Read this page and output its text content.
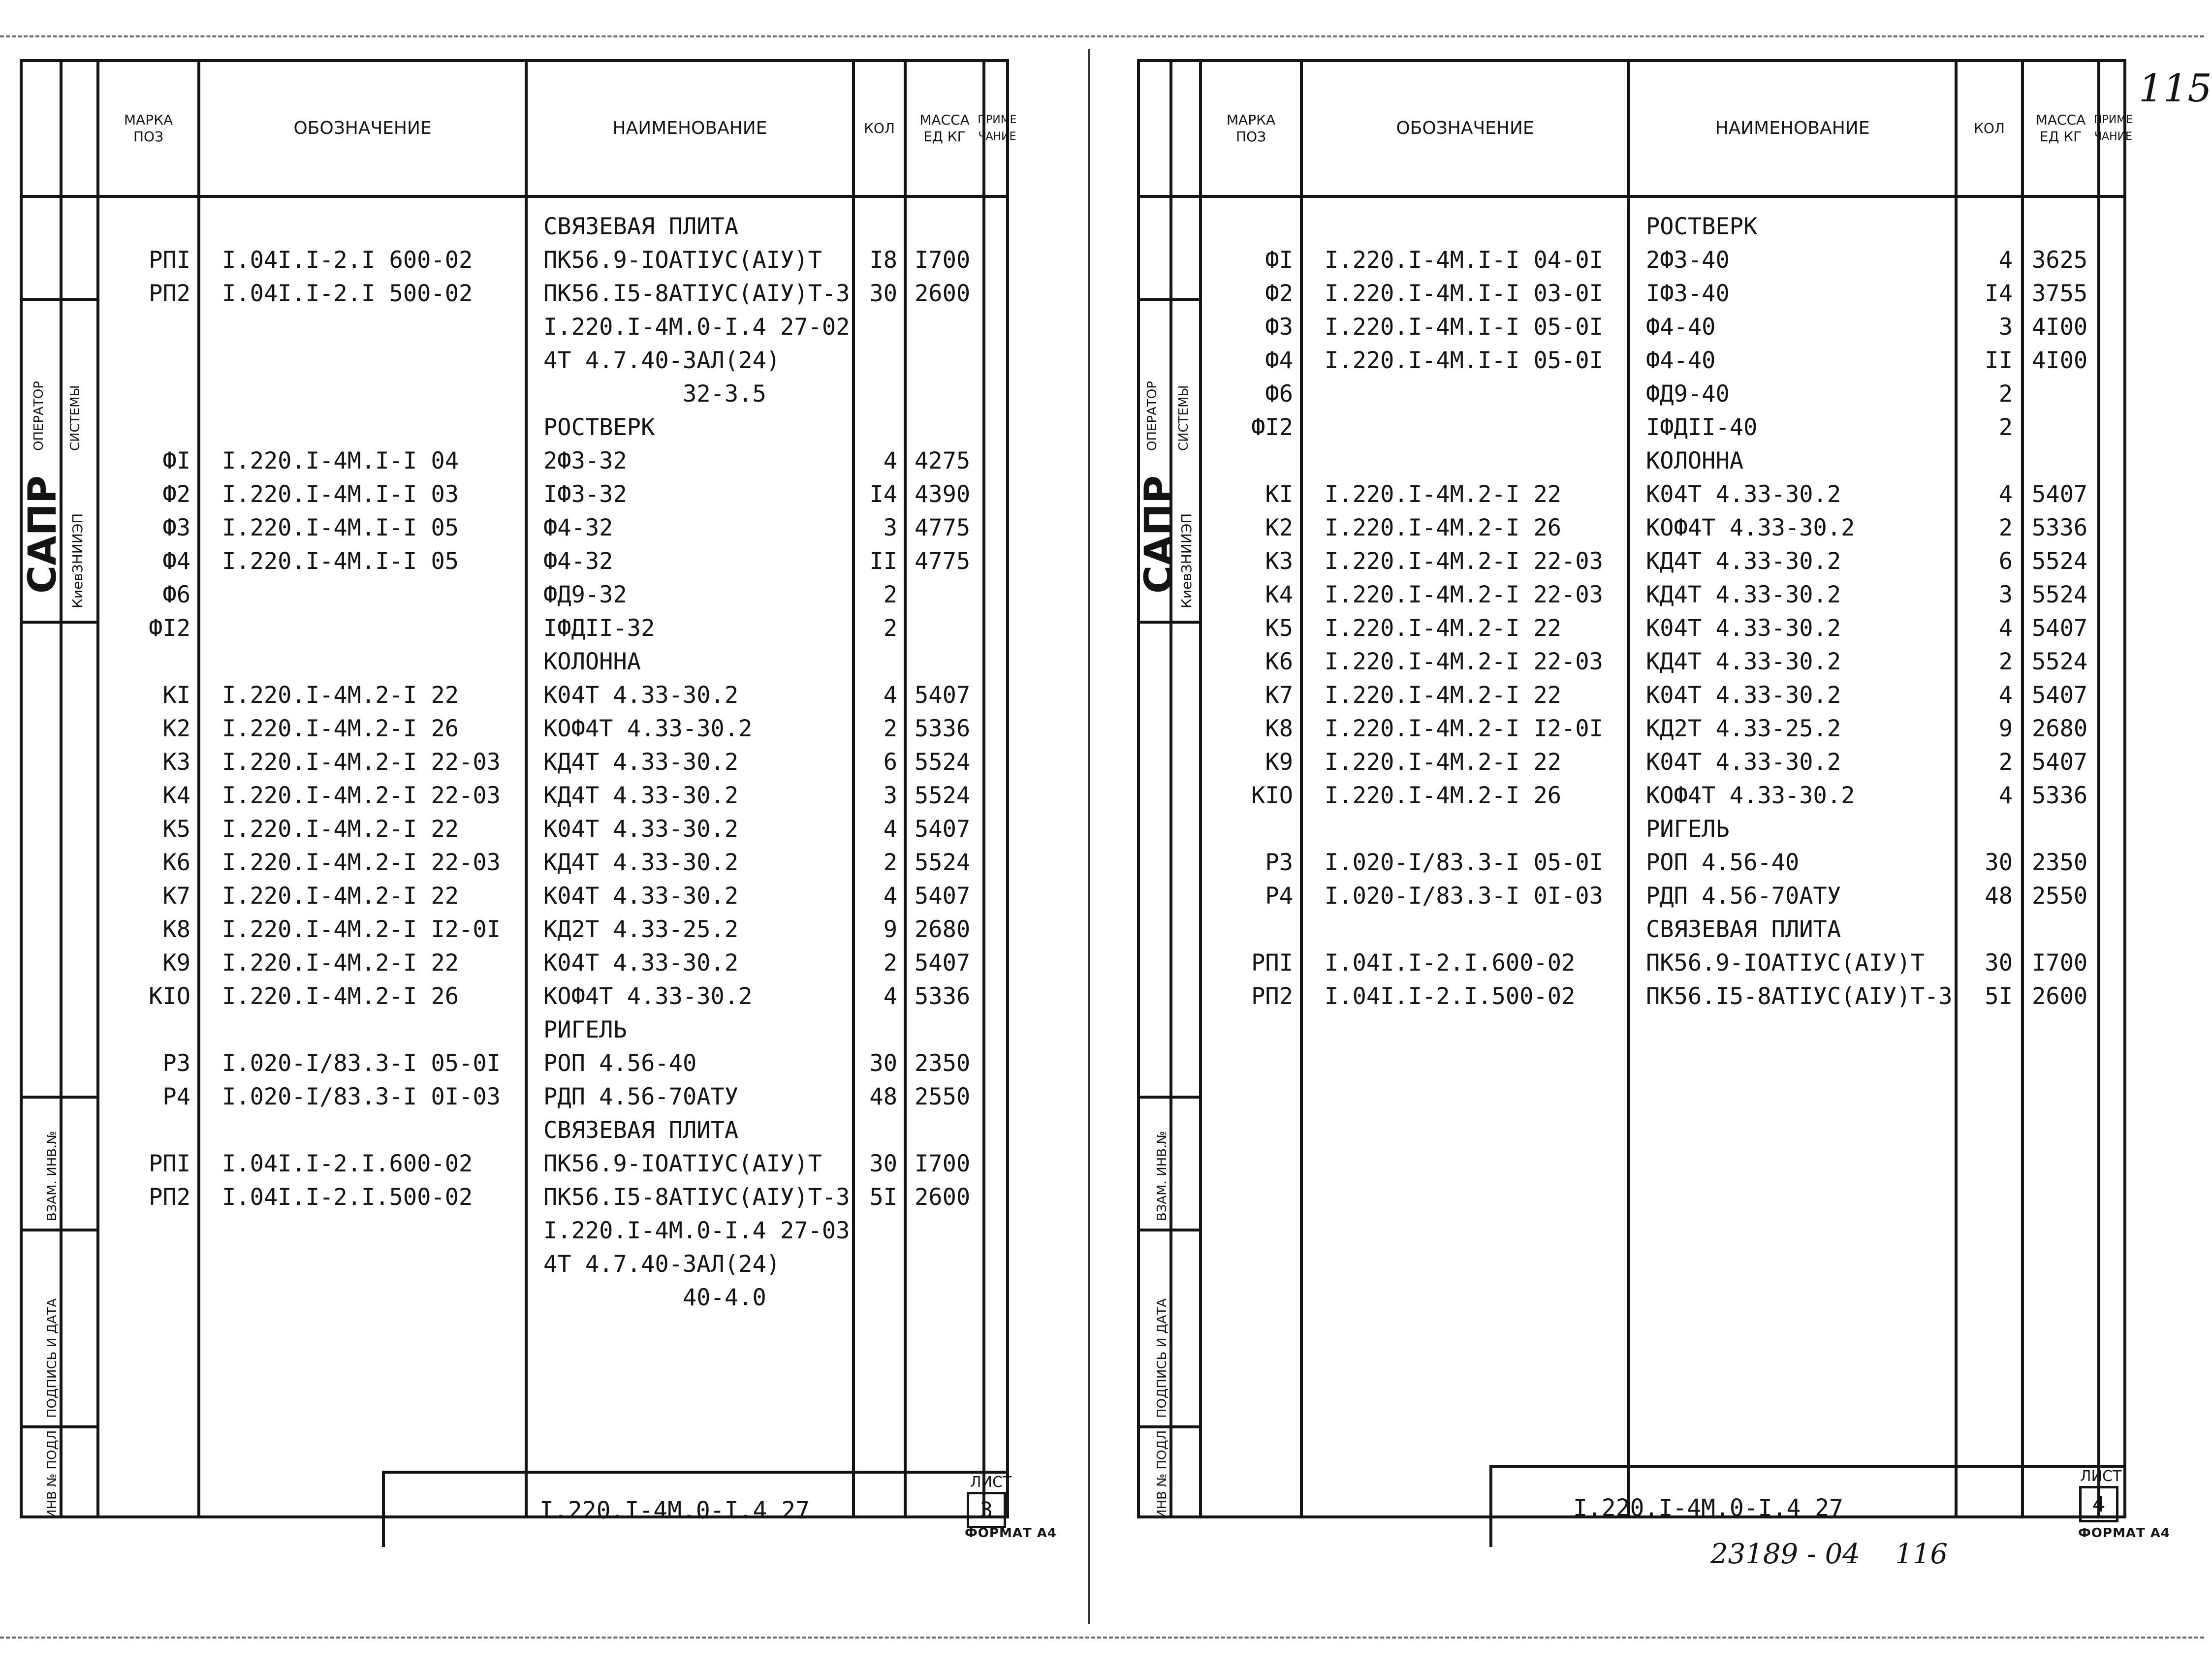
МАРКА
ПОЗ	ОБОЗНАЧЕНИЕ	НАИМЕНОВАНИЕ	КОЛ
МАССА
ЕД КГ
ПРИМЕ
ЧАНИЕ
ОПЕРАТОР СИСТЕМЫ
САПР КиевЗНИИЭП
ВЗАМ. ИНВ.№
ПОДПИСЬ И ДАТА
ИНВ № ПОДЛ
СВЯЗЕВАЯ ПЛИТА
РПI I.04I.I-2.I 600-02	ПК56.9-IOATIУС(AIУ)T	I8 I700
РП2 I.04I.I-2.I 500-02	ПК56.I5-8ATIУС(AIУ)T-3 30 2600
I.220.I-4M.0-I.4 27-02
4T 4.7.40-ЗАЛ(24)
32-3.5
РОСТВЕРК
ФI I.220.I-4M.I-I 04	2Ф3-32	4 4275
Ф2 I.220.I-4M.I-I 03	IФ3-32	I4 4390
Ф3 I.220.I-4M.I-I 05	Ф4-32	3 4775
Ф4 I.220.I-4M.I-I 05	Ф4-32	II 4775
Ф6	ФД9-32	2
ФI2	IФДII-32	2
КОЛОННА
КI I.220.I-4M.2-I 22	К04Т 4.33-30.2	4 5407
К2 I.220.I-4M.2-I 26	КОФ4Т 4.33-30.2	2 5336
К3 I.220.I-4M.2-I 22-03	КД4Т 4.33-30.2	6 5524
К4 I.220.I-4M.2-I 22-03	КД4Т 4.33-30.2	3 5524
К5 I.220.I-4M.2-I 22	К04Т 4.33-30.2	4 5407
К6 I.220.I-4M.2-I 22-03	КД4Т 4.33-30.2	2 5524
К7 I.220.I-4M.2-I 22	К04Т 4.33-30.2	4 5407
К8 I.220.I-4M.2-I I2-0I	КД2Т 4.33-25.2	9 2680
К9 I.220.I-4M.2-I 22	К04Т 4.33-30.2	2 5407
КIO I.220.I-4M.2-I 26	КОФ4Т 4.33-30.2	4 5336
РИГЕЛЬ
Р3 I.020-I/83.3-I 05-0I	РОП 4.56-40	30 2350
Р4 I.020-I/83.3-I 0I-03	РДП 4.56-70АТУ	48 2550
СВЯЗЕВАЯ ПЛИТА
РПI I.04I.I-2.I.600-02	ПК56.9-IOATIУС(AIУ)T	30 I700
РП2 I.04I.I-2.I.500-02	ПК56.I5-8ATIУС(AIУ)T-3 5I 2600
I.220.I-4M.0-I.4 27-03
4T 4.7.40-ЗАЛ(24)
40-4.0
I.220.I-4M.0-I.4 27
ЛИСТ
3
ФОРМАТ А4
МАРКА
ПОЗ	ОБОЗНАЧЕНИЕ	НАИМЕНОВАНИЕ	КОЛ
МАССА
ЕД КГ
ПРИМЕ
ЧАНИЕ
ОПЕРАТОР СИСТЕМЫ
САПР
КиевЗНИИЭП
ВЗАМ. ИНВ.№
ПОДПИСЬ И ДАТА
ИНВ № ПОДЛ
РОСТВЕРК
ФI I.220.I-4M.I-I 04-0I	2Ф3-40	4 3625
Ф2 I.220.I-4M.I-I 03-0I	IФ3-40	I4 3755
Ф3 I.220.I-4M.I-I 05-0I	Ф4-40	3 4I00
Ф4 I.220.I-4M.I-I 05-0I	Ф4-40	II 4I00
Ф6	ФД9-40	2
ФI2	IФДII-40	2
КОЛОННА
КI I.220.I-4M.2-I 22	К04Т 4.33-30.2	4 5407
К2 I.220.I-4M.2-I 26	КОФ4Т 4.33-30.2	2 5336
К3 I.220.I-4M.2-I 22-03	КД4Т 4.33-30.2	6 5524
К4 I.220.I-4M.2-I 22-03	КД4Т 4.33-30.2	3 5524
К5 I.220.I-4M.2-I 22	К04Т 4.33-30.2	4 5407
К6 I.220.I-4M.2-I 22-03	КД4Т 4.33-30.2	2 5524
К7 I.220.I-4M.2-I 22	К04Т 4.33-30.2	4 5407
К8 I.220.I-4M.2-I I2-0I	КД2Т 4.33-25.2	9 2680
К9 I.220.I-4M.2-I 22	К04Т 4.33-30.2	2 5407
КIO I.220.I-4M.2-I 26	КОФ4Т 4.33-30.2	4 5336
РИГЕЛЬ
Р3 I.020-I/83.3-I 05-0I	РОП 4.56-40	30 2350
Р4 I.020-I/83.3-I 0I-03	РДП 4.56-70АТУ	48 2550
СВЯЗЕВАЯ ПЛИТА
РПI I.04I.I-2.I.600-02	ПК56.9-IOATIУС(AIУ)T	30 I700
РП2 I.04I.I-2.I.500-02	ПК56.I5-8ATIУС(AIУ)T-3	5I 2600
I.220.I-4M.0-I.4 27
ЛИСТ
4
115
23189 - 04    116
ФОРМАТ А4
